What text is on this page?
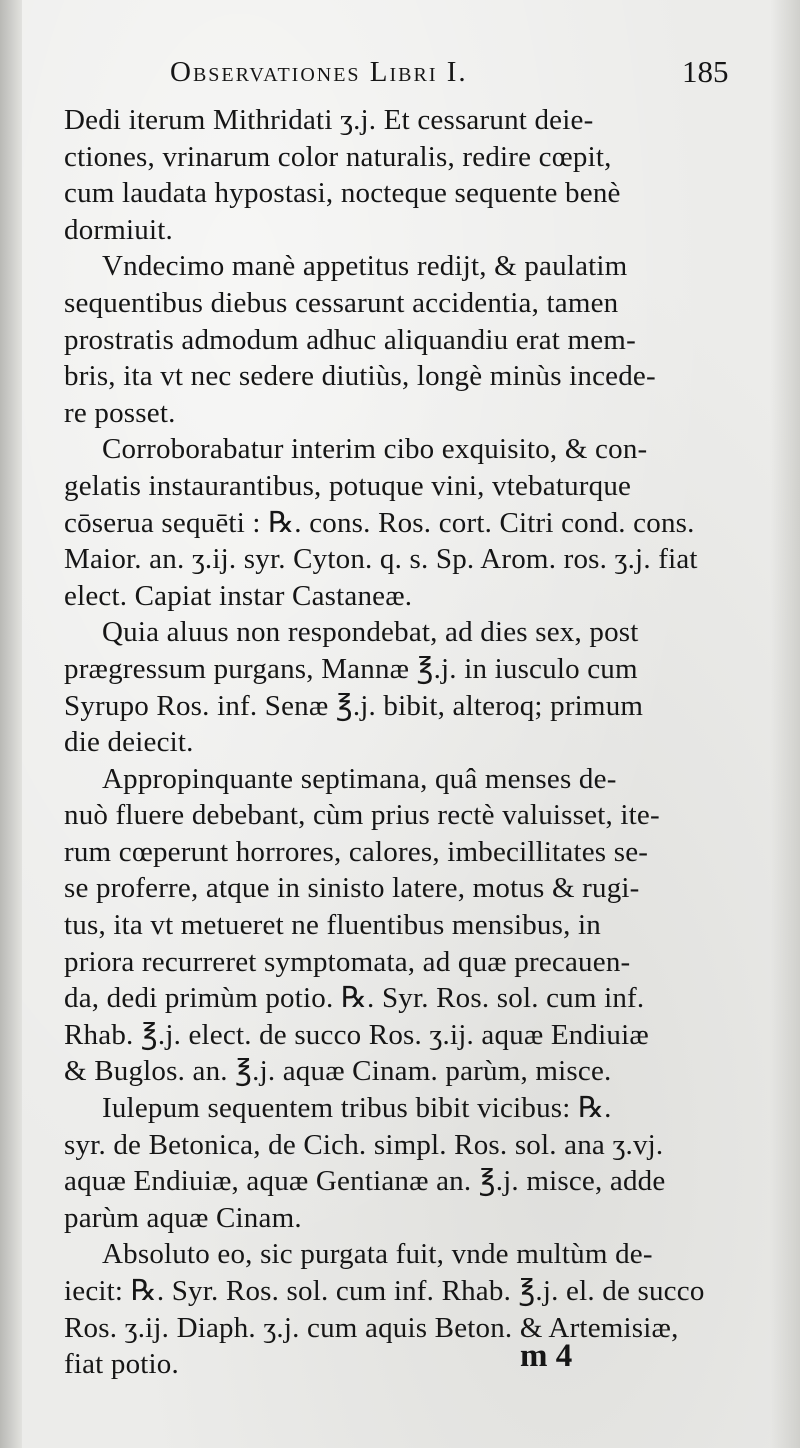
Observationes Libri I.	185
Dedi iterum Mithridati ʒ.j. Et cessarunt deie-
ctiones, vrinarum color naturalis, redire cœpit,
cum laudata hypostasi, nocteque sequente benè
dormiuit.
Vndecimo manè appetitus redijt, & paulatim
sequentibus diebus cessarunt accidentia, tamen
prostratis admodum adhuc aliquandiu erat mem-
bris, ita vt nec sedere diutiùs, longè minùs incede-
re posset.
Corroborabatur interim cibo exquisito, & con-
gelatis instaurantibus, potuque vini, vtebaturque
cōserua sequēti : ℞. cons. Ros. cort. Citri cond. cons.
Maior. an. ʒ.ij. syr. Cyton. q. s. Sp. Arom. ros. ʒ.j. fiat
elect. Capiat instar Castaneæ.
Quia aluus non respondebat, ad dies sex, post
prægressum purgans, Mannæ ℥.j. in iusculo cum
Syrupo Ros. inf. Senæ ℥.j. bibit, alteroq; primum
die deiecit.
Appropinquante septimana, quâ menses de-
nuò fluere debebant, cùm prius rectè valuisset, ite-
rum cœperunt horrores, calores, imbecillitates se-
se proferre, atque in sinisto latere, motus & rugi-
tus, ita vt metueret ne fluentibus mensibus, in
priora recurreret symptomata, ad quæ precauen-
da, dedi primùm potio. ℞. Syr. Ros. sol. cum inf.
Rhab. ℥.j. elect. de succo Ros. ʒ.ij. aquæ Endiuiæ
& Buglos. an. ℥.j. aquæ Cinam. parùm, misce.
Iulepum sequentem tribus bibit vicibus: ℞.
syr. de Betonica, de Cich. simpl. Ros. sol. ana ʒ.vj.
aquæ Endiuiæ, aquæ Gentianæ an. ℥.j. misce, adde
parùm aquæ Cinam.
Absoluto eo, sic purgata fuit, vnde multùm de-
iecit: ℞. Syr. Ros. sol. cum inf. Rhab. ℥.j. el. de succo
Ros. ʒ.ij. Diaph. ʒ.j. cum aquis Beton. & Artemisiæ,
fiat potio.	m 4
